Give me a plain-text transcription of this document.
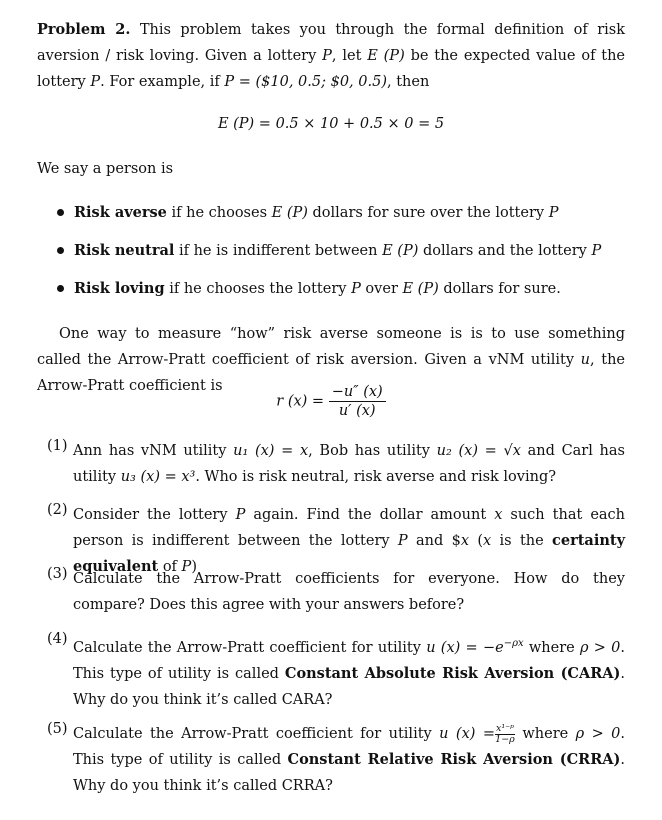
Problem 2. This problem takes you through the formal definition of risk aversion / risk loving. Given a lottery P, let E (P) be the expected value of the lottery P. For example, if P = ($10, 0.5; $0, 0.5), then
E (P) = 0.5 × 10 + 0.5 × 0 = 5
We say a person is
Risk averse if he chooses E (P) dollars for sure over the lottery P
Risk neutral if he is indifferent between E (P) dollars and the lottery P
Risk loving if he chooses the lottery P over E (P) dollars for sure.
One way to measure “how” risk averse someone is is to use something called the Arrow-Pratt coefficient of risk aversion. Given a vNM utility u, the Arrow-Pratt coefficient is
r $(x) = \frac{-u'' (x)}{u' (x)}$
(1) Ann has vNM utility u₁ (x) = x, Bob has utility u₂ (x) = √x and Carl has utility u₃ (x) = x³. Who is risk neutral, risk averse and risk loving?
(2) Consider the lottery P again. Find the dollar amount x such that each person is indifferent between the lottery P and $x (x is the certainty equivalent of P)
(3) Calculate the Arrow-Pratt coefficients for everyone. How do they compare? Does this agree with your answers before?
(4)
Calculate the Arrow-Pratt coefficient for utility u $(x) = -e^{-\rho x}$ where ρ > 0. This type of utility is called Constant Absolute Risk Aversion (CARA). Why do you think it’s called CARA?
(5) Calculate the Arrow-Pratt coefficient for utility u $(x) = \frac{\text{x¹⁻ᵖ}}{1-\rho}$ where ρ > 0. This type of utility is called Constant Relative Risk Aversion (CRRA). Why do you think it’s called CRRA?
